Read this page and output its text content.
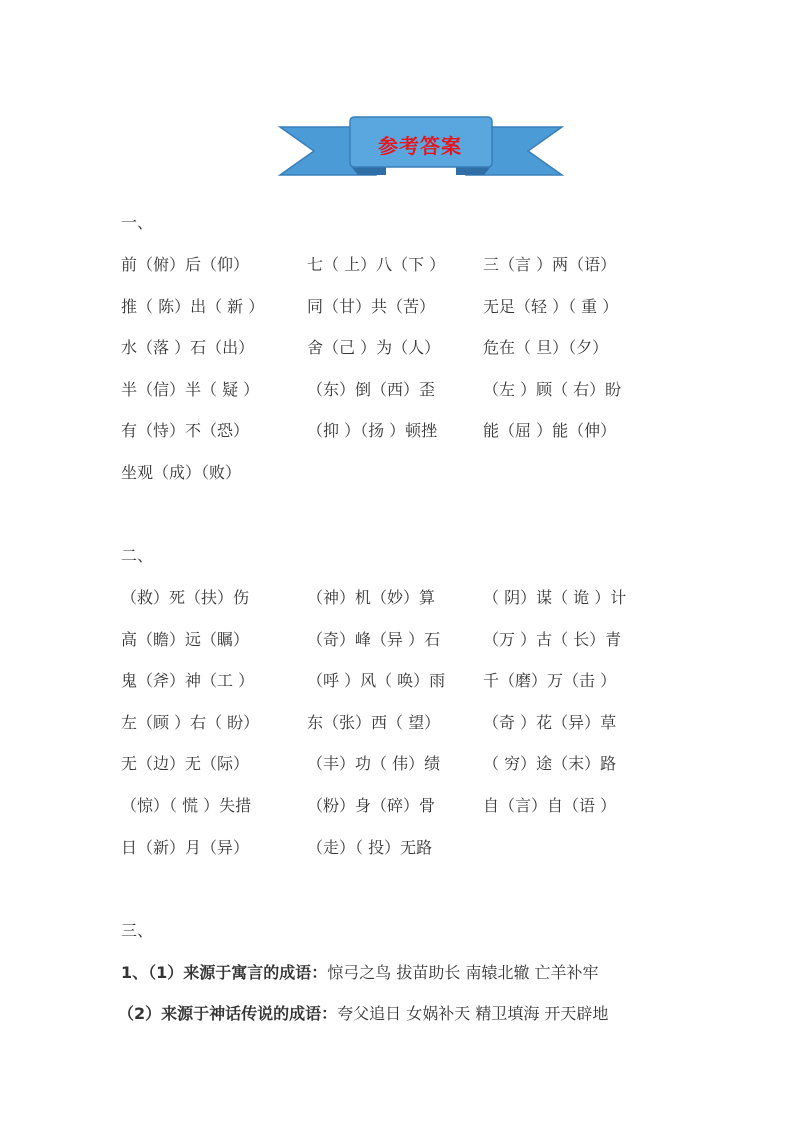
参考答案
一、
前（俯）后（仰）	七（ 上）八（下 ） 三（言 ）两（语）
推（ 陈）出（ 新 ）	同（甘）共（苦）	无足（轻 ）（ 重 ）
水（落 ）石（出）	舍（己 ）为（人）	危在（ 旦）（夕）
半（信）半（ 疑 ）	（东）倒（西）歪	（左 ）顾（ 右）盼
有（恃）不（恐）	（抑 ）（扬 ）顿挫	能（屈 ）能（伸）
坐观（成）（败）
二、
（救）死（扶）伤	（神）机（妙）算	（ 阴）谋（ 诡 ）计
高（瞻）远（瞩）	（奇）峰（异 ）石	（万 ）古（ 长）青
鬼（斧）神（工 ）	（呼 ）风（ 唤）雨 千（磨）万（击 ）
左（顾 ）右（ 盼）	东（张）西（ 望）	（奇 ）花（异）草
无（边）无（际）	（丰）功（ 伟）绩	（ 穷）途（末）路
（惊）（ 慌 ）失措	（粉）身（碎）骨	自（言）自（语 ）
日（新）月（异）	（走）（ 投）无路
三、
1、（1）来源于寓言的成语：惊弓之鸟 拔苗助长 南辕北辙 亡羊补牢
（2）来源于神话传说的成语：夸父追日 女娲补天 精卫填海 开天辟地
